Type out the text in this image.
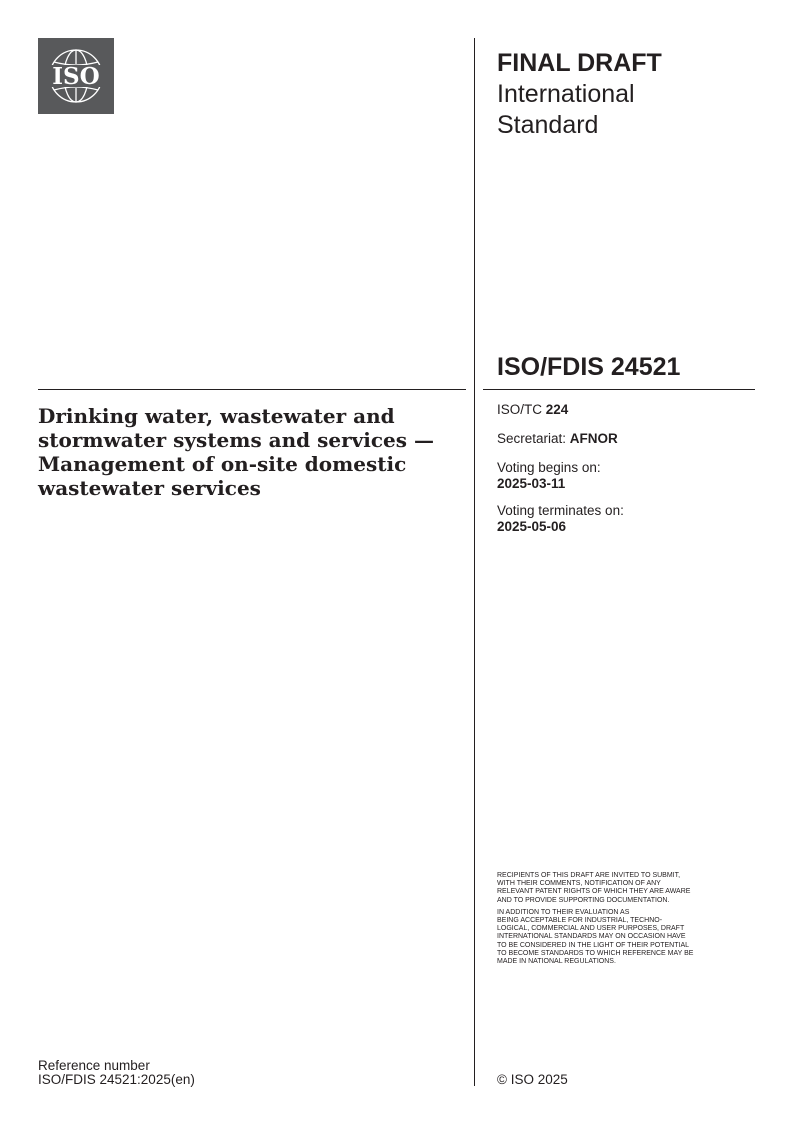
ISO	FINAL DRAFT
International
Standard
ISO/FDIS 24521
Drinking water, wastewater and
stormwater systems and services —
Management of on-site domestic
wastewater services
ISO/TC 224
Secretariat: AFNOR
Voting begins on:
2025-03-11
Voting terminates on:
2025-05-06

RECIPIENTS OF THIS DRAFT ARE INVITED TO SUBMIT,
WITH THEIR COMMENTS, NOTIFICATION OF ANY
RELEVANT PATENT RIGHTS OF WHICH THEY ARE AWARE
AND TO PROVIDE SUPPORTING DOCUMENTATION.

IN ADDITION TO THEIR EVALUATION AS
BEING ACCEPTABLE FOR INDUSTRIAL, TECHNO-
LOGICAL, COMMERCIAL AND USER PURPOSES, DRAFT
INTERNATIONAL STANDARDS MAY ON OCCASION HAVE
TO BE CONSIDERED IN THE LIGHT OF THEIR POTENTIAL
TO BECOME STANDARDS TO WHICH REFERENCE MAY BE
MADE IN NATIONAL REGULATIONS.

Reference number
ISO/FDIS 24521:2025(en)	© ISO 2025
